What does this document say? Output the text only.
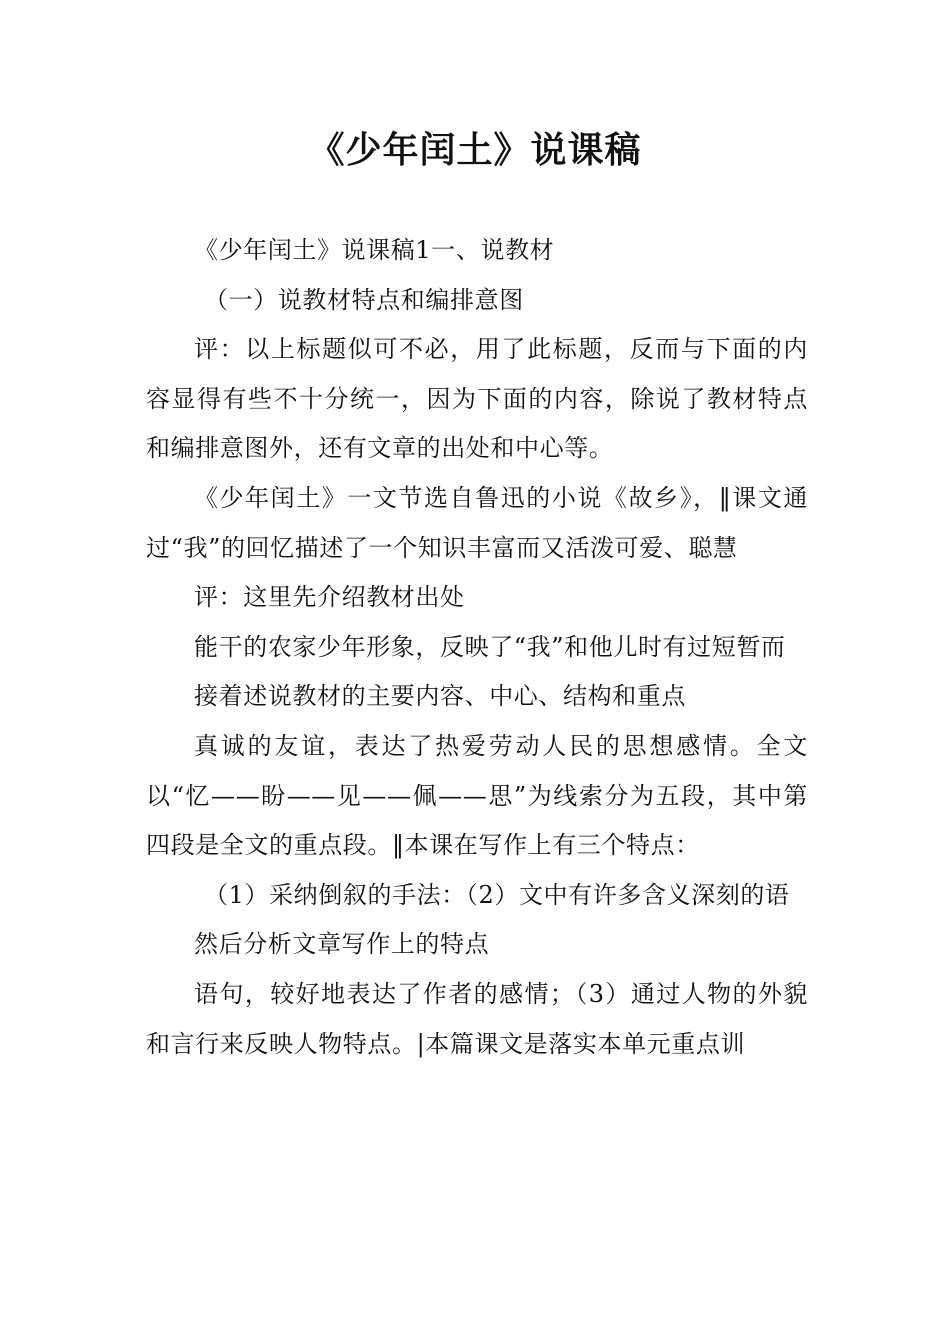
《少年闰土》说课稿

《少年闰土》说课稿1一、说教材

（一）说教材特点和编排意图

评：以上标题似可不必，用了此标题，反而与下面的内容显得有些不十分统一，因为下面的内容，除说了教材特点和编排意图外，还有文章的出处和中心等。

《少年闰土》一文节选自鲁迅的小说《故乡》，‖课文通过“我”的回忆描述了一个知识丰富而又活泼可爱、聪慧

评：这里先介绍教材出处

能干的农家少年形象，反映了“我”和他儿时有过短暂而

接着述说教材的主要内容、中心、结构和重点

真诚的友谊，表达了热爱劳动人民的思想感情。全文以“忆——盼——见——佩——思”为线索分为五段，其中第四段是全文的重点段。‖本课在写作上有三个特点：

（1）采纳倒叙的手法：（2）文中有许多含义深刻的语

然后分析文章写作上的特点

语句，较好地表达了作者的感情；（3）通过人物的外貌和言行来反映人物特点。|本篇课文是落实本单元重点训
